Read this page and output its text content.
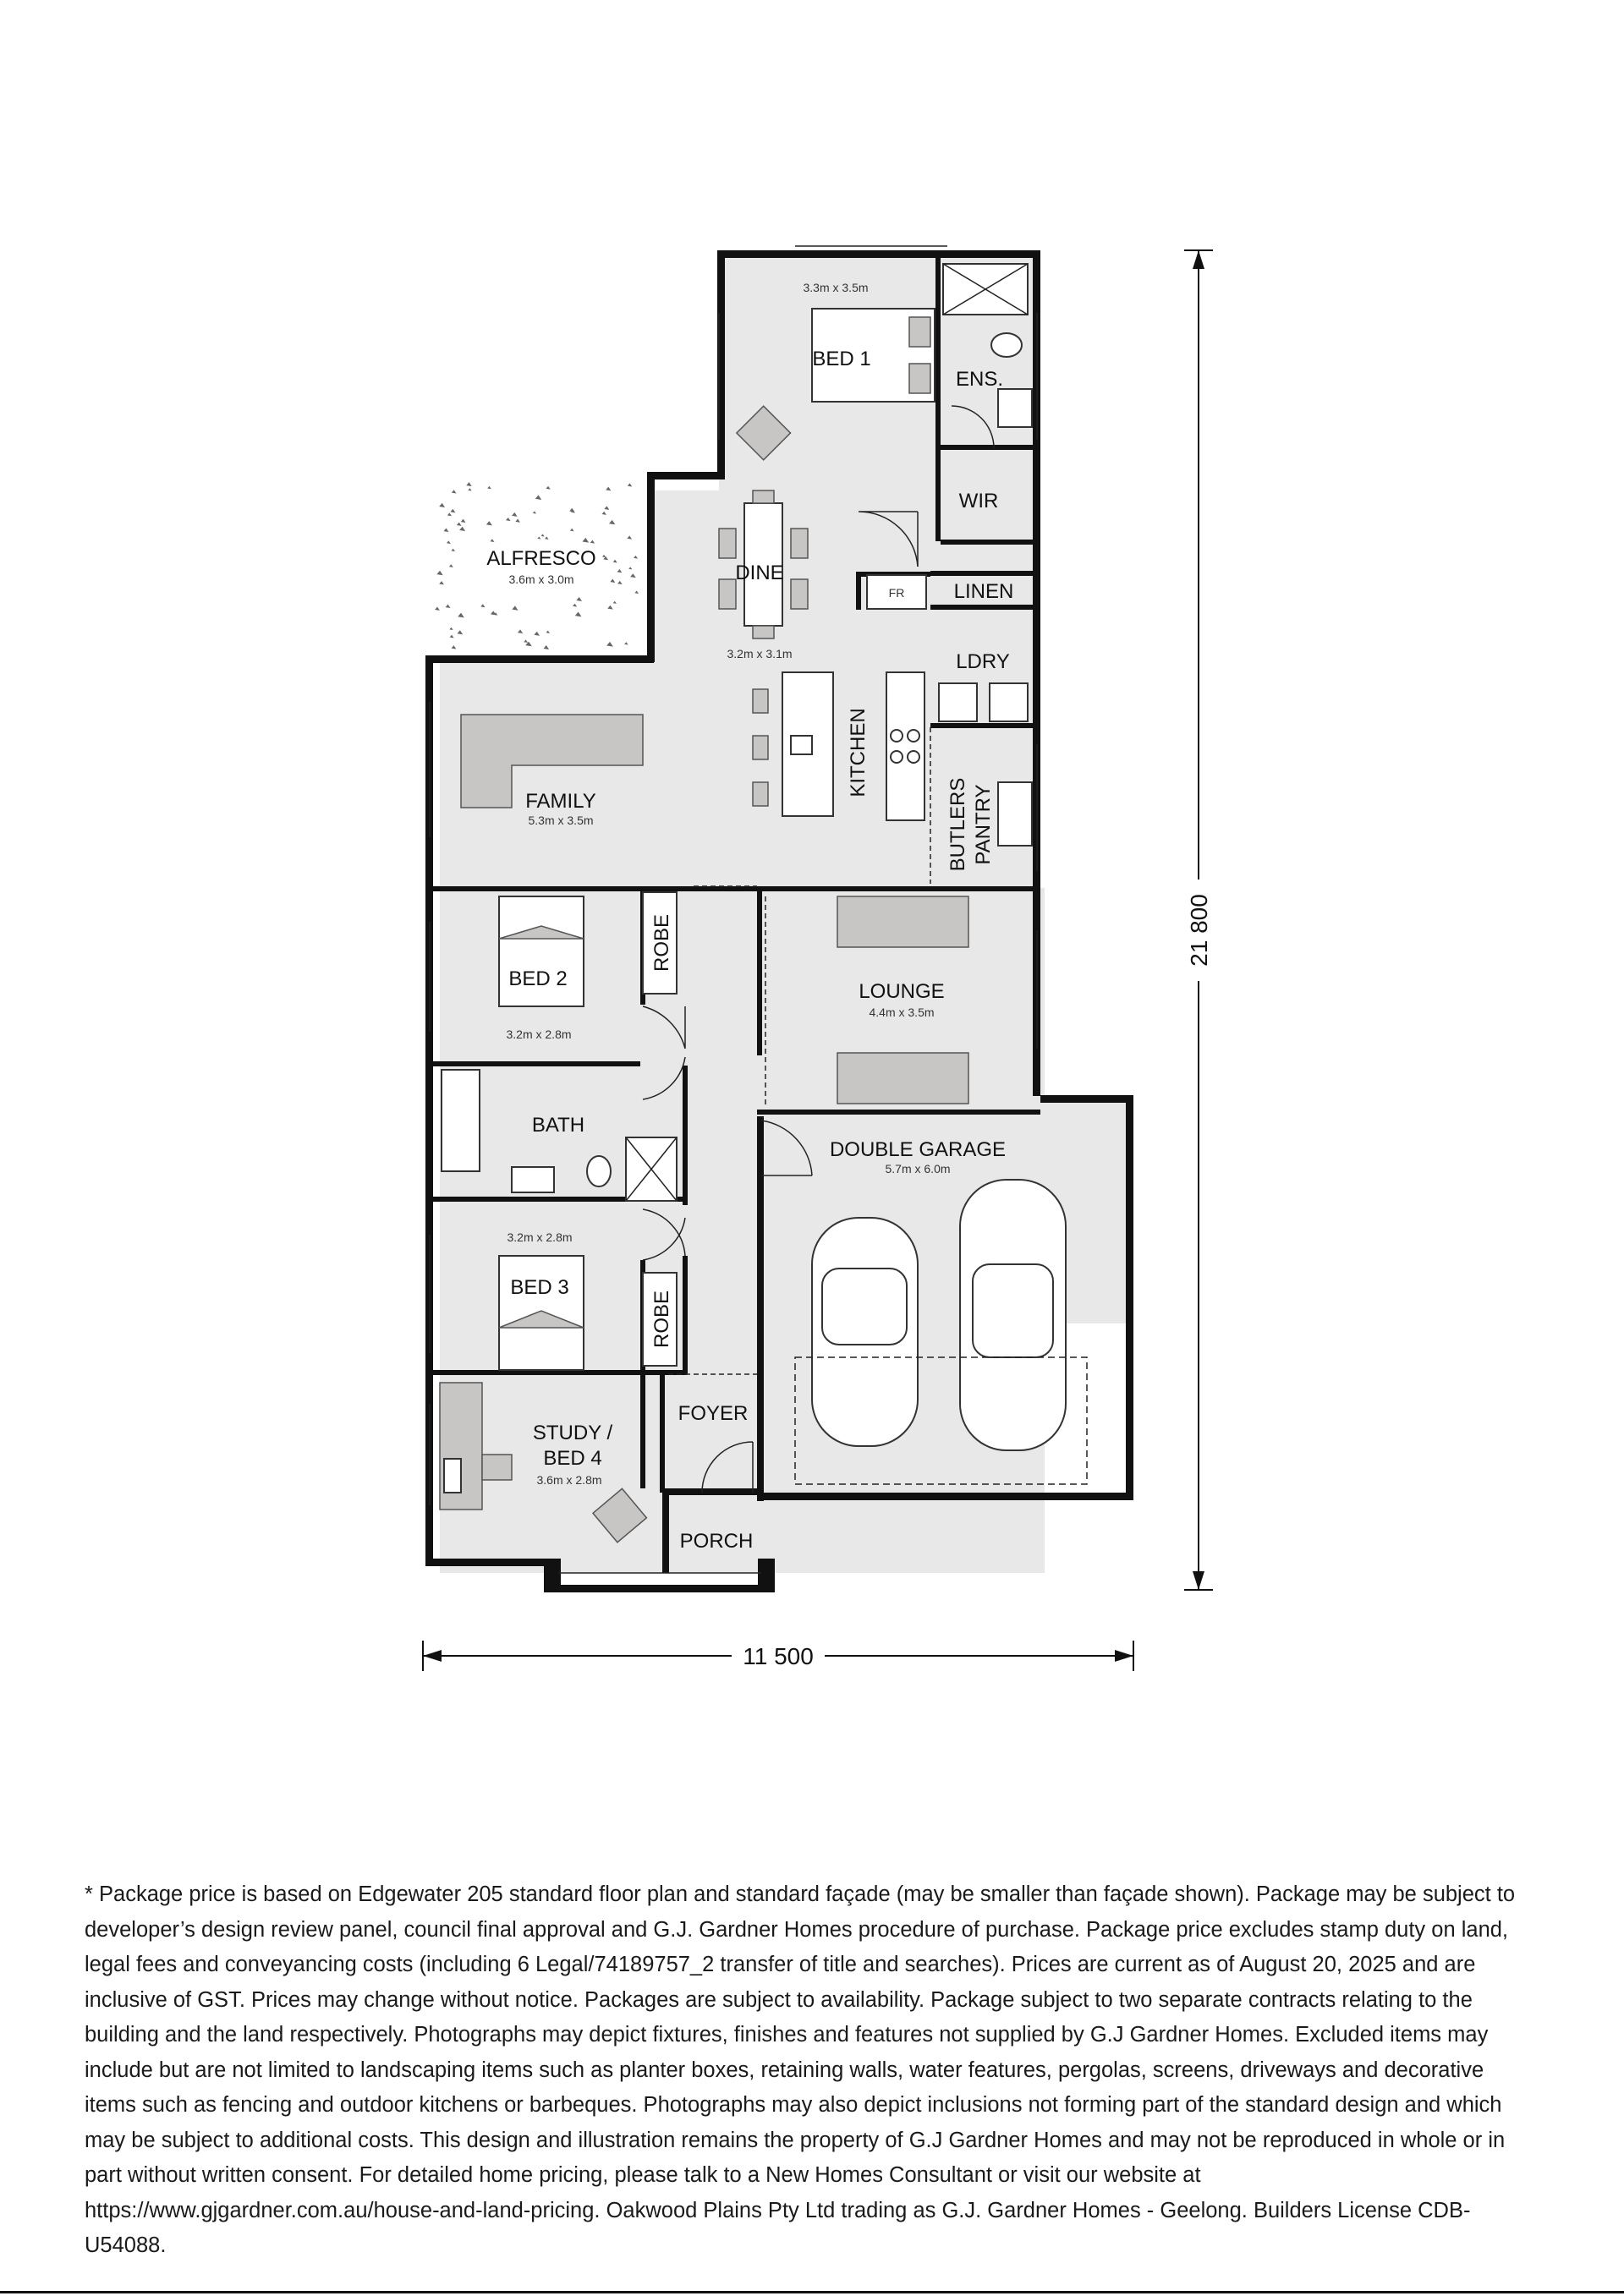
BED 1
3.3m x 3.5m
ENS.
WIR
ALFRESCO
3.6m x 3.0m	DINE
3.2m x 3.1m
FR LINEN
LDRY
FAMILY
5.3m x 3.5m
KITCHEN
BUTLERS PANTRY
BED 2
3.2m x 2.8m
ROBE
LOUNGE
4.4m x 3.5m
BATH
DOUBLE GARAGE
5.7m x 6.0m
BED 3
3.2m x 2.8m
ROBE
FOYER
STUDY /
BED 4
3.6m x 2.8m
PORCH
11 500
21 800

* Package price is based on Edgewater 205 standard floor plan and standard façade (may be smaller than façade shown). Package may be subject to developer’s design review panel, council final approval and G.J. Gardner Homes procedure of purchase. Package price excludes stamp duty on land, legal fees and conveyancing costs (including 6 Legal/74189757_2 transfer of title and searches). Prices are current as of August 20, 2025 and are inclusive of GST. Prices may change without notice. Packages are subject to availability. Package subject to two separate contracts relating to the building and the land respectively. Photographs may depict fixtures, finishes and features not supplied by G.J Gardner Homes. Excluded items may include but are not limited to landscaping items such as planter boxes, retaining walls, water features, pergolas, screens, driveways and decorative items such as fencing and outdoor kitchens or barbeques. Photographs may also depict inclusions not forming part of the standard design and which may be subject to additional costs. This design and illustration remains the property of G.J Gardner Homes and may not be reproduced in whole or in part without written consent. For detailed home pricing, please talk to a New Homes Consultant or visit our website at https://www.gjgardner.com.au/house-and-land-pricing. Oakwood Plains Pty Ltd trading as G.J. Gardner Homes - Geelong. Builders License CDB-U54088.
